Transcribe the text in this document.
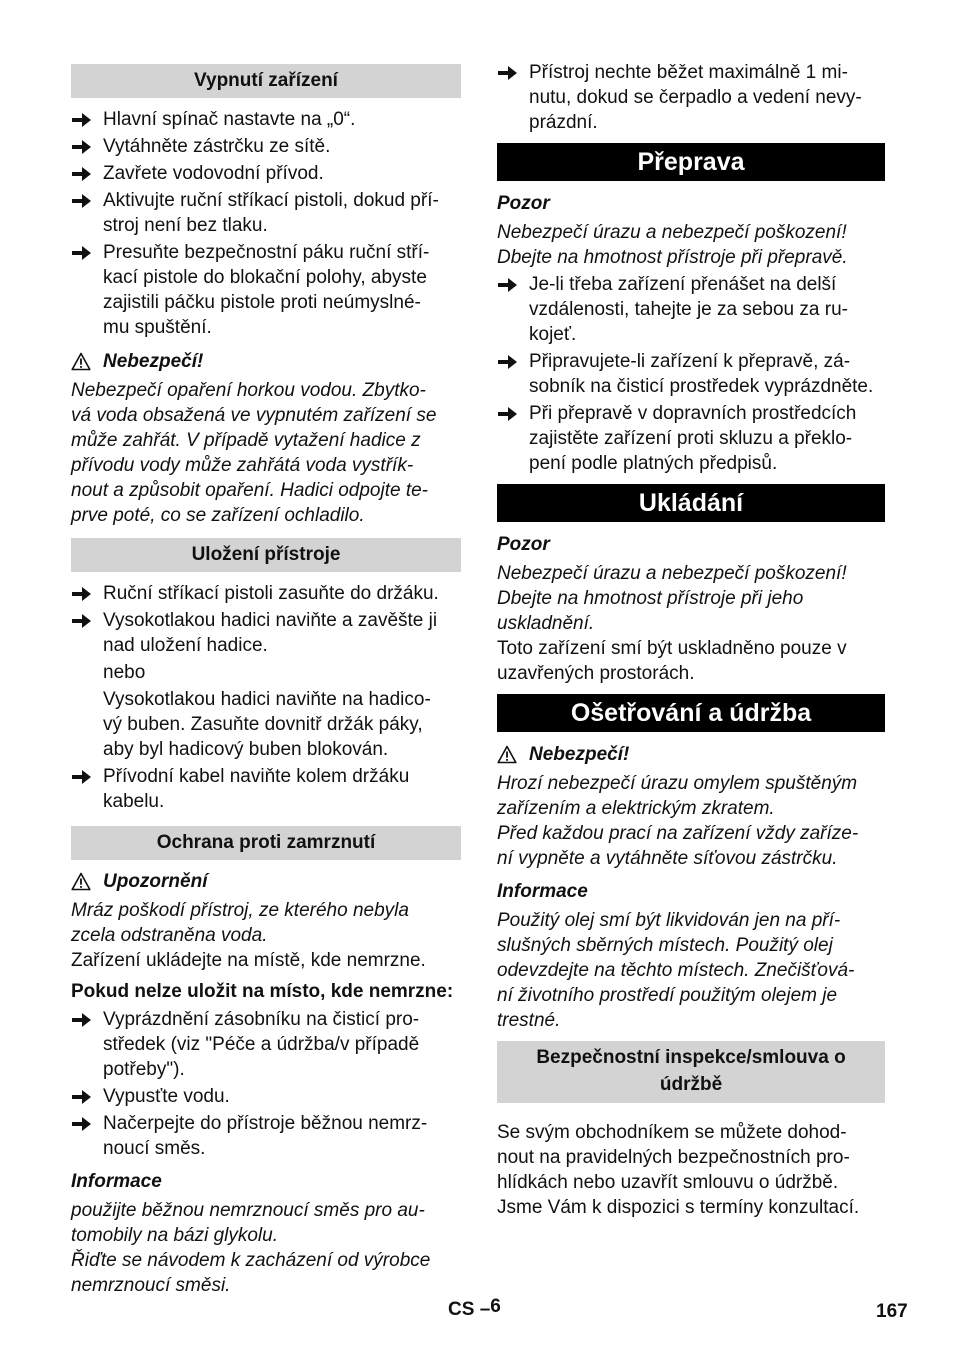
Vypnutí zařízení
Hlavní spínač nastavte na „0“.
Vytáhněte zástrčku ze sítě.
Zavřete vodovodní přívod.
Aktivujte ruční stříkací pistoli, dokud pří-
stroj není bez tlaku.
Presuňte bezpečnostní páku ruční stří-
kací pistole do blokační polohy, abyste
zajistili páčku pistole proti neúmyslné-
mu spuštění.
Nebezpečí!
Nebezpečí opaření horkou vodou. Zbytko-
vá voda obsažená ve vypnutém zařízení se
může zahřát. V případě vytažení hadice z
přívodu vody může zahřátá voda vystřík-
nout a způsobit opaření. Hadici odpojte te-
prve poté, co se zařízení ochladilo.
Uložení přístroje
Ruční stříkací pistoli zasuňte do držáku.
Vysokotlakou hadici naviňte a zavěšte ji
nad uložení hadice.
nebo
Vysokotlakou hadici naviňte na hadico-
vý buben. Zasuňte dovnitř držák páky,
aby byl hadicový buben blokován.
Přívodní kabel naviňte kolem držáku
kabelu.
Ochrana proti zamrznutí
Upozornění
Mráz poškodí přístroj, ze kterého nebyla
zcela odstraněna voda.
Zařízení ukládejte na místě, kde nemrzne.
Pokud nelze uložit na místo, kde nemrzne:
Vyprázdnění zásobníku na čisticí pro-
středek (viz "Péče a údržba/v případě
potřeby").
Vypusťte vodu.
Načerpejte do přístroje běžnou nemrz-
noucí směs.
Informace
použijte běžnou nemrznoucí směs pro au-
tomobily na bázi glykolu.
Řiďte se návodem k zacházení od výrobce
nemrznoucí směsi.
Přístroj nechte běžet maximálně 1 mi-
nutu, dokud se čerpadlo a vedení nevy-
prázdní.
Přeprava
Pozor
Nebezpečí úrazu a nebezpečí poškození!
Dbejte na hmotnost přístroje při přepravě.
Je-li třeba zařízení přenášet na delší
vzdálenosti, tahejte je za sebou za ru-
kojeť.
Připravujete-li zařízení k přepravě, zá-
sobník na čisticí prostředek vyprázdněte.
Při přepravě v dopravních prostředcích
zajistěte zařízení proti skluzu a překlo-
pení podle platných předpisů.
Ukládání
Pozor
Nebezpečí úrazu a nebezpečí poškození!
Dbejte na hmotnost přístroje při jeho
uskladnění.
Toto zařízení smí být uskladněno pouze v
uzavřených prostorách.
Ošetřování a údržba
Nebezpečí!
Hrozí nebezpečí úrazu omylem spuštěným
zařízením a elektrickým zkratem.
Před každou prací na zařízení vždy zaříze-
ní vypněte a vytáhněte síťovou zástrčku.
Informace
Použitý olej smí být likvidován jen na pří-
slušných sběrných místech. Použitý olej
odevzdejte na těchto místech. Znečišťová-
ní životního prostředí použitým olejem je
trestné.
Bezpečnostní inspekce/smlouva o
údržbě
Se svým obchodníkem se můžete dohod-
nout na pravidelných bezpečnostních pro-
hlídkách nebo uzavřít smlouvu o údržbě.
Jsme Vám k dispozici s termíny konzultací.
CS –6	167
